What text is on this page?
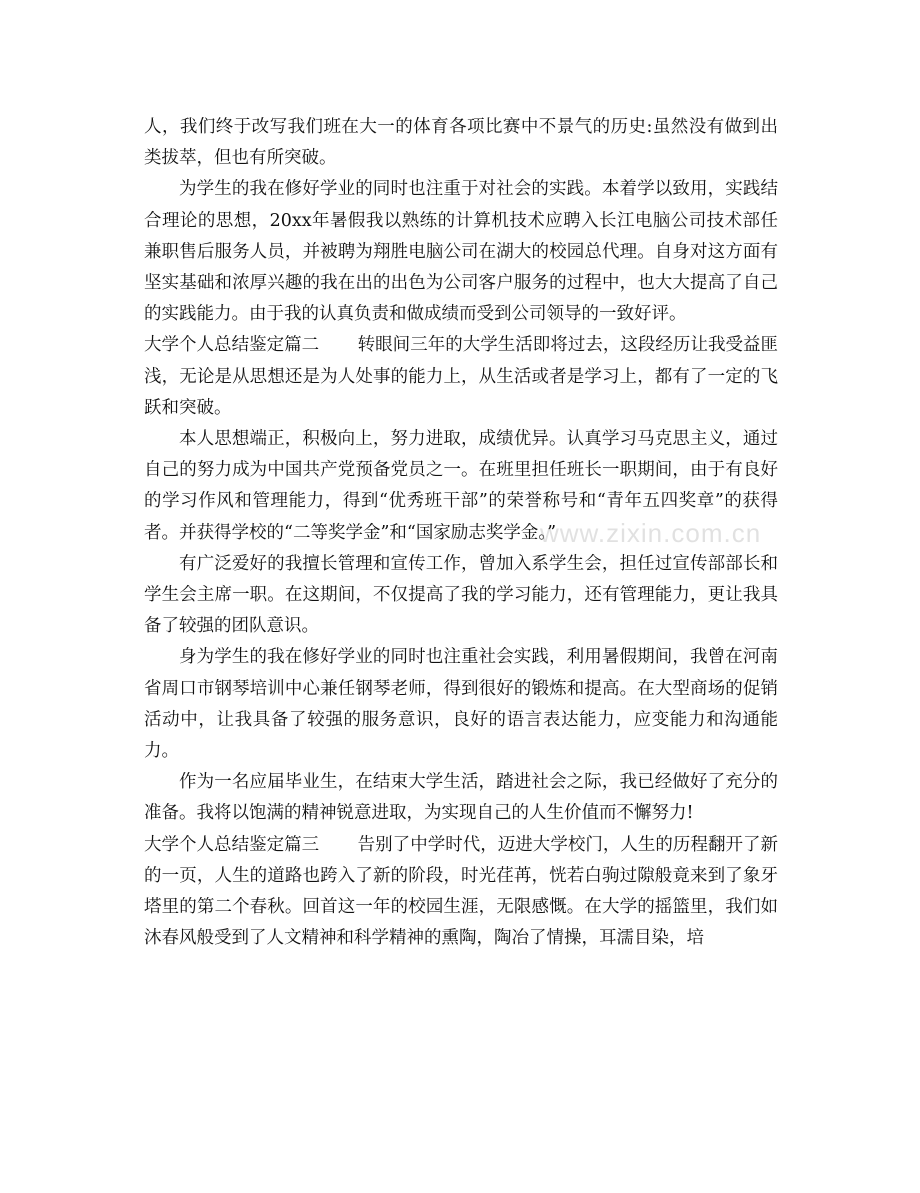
人，我们终于改写我们班在大一的体育各项比赛中不景气的历史:虽然没有做到出类拔萃，但也有所突破。

为学生的我在修好学业的同时也注重于对社会的实践。本着学以致用，实践结合理论的思想，20xx年暑假我以熟练的计算机技术应聘入长江电脑公司技术部任兼职售后服务人员，并被聘为翔胜电脑公司在湖大的校园总代理。自身对这方面有坚实基础和浓厚兴趣的我在出的出色为公司客户服务的过程中，也大大提高了自己的实践能力。由于我的认真负责和做成绩而受到公司领导的一致好评。

大学个人总结鉴定篇二 转眼间三年的大学生活即将过去，这段经历让我受益匪浅，无论是从思想还是为人处事的能力上，从生活或者是学习上，都有了一定的飞跃和突破。

本人思想端正，积极向上，努力进取，成绩优异。认真学习马克思主义，通过自己的努力成为中国共产党预备党员之一。在班里担任班长一职期间，由于有良好的学习作风和管理能力，得到“优秀班干部”的荣誉称号和“青年五四奖章”的获得者。并获得学校的“二等奖学金”和“国家励志奖学金。”

有广泛爱好的我擅长管理和宣传工作，曾加入系学生会，担任过宣传部部长和学生会主席一职。在这期间，不仅提高了我的学习能力，还有管理能力，更让我具备了较强的团队意识。

身为学生的我在修好学业的同时也注重社会实践，利用暑假期间，我曾在河南省周口市钢琴培训中心兼任钢琴老师，得到很好的锻炼和提高。在大型商场的促销活动中，让我具备了较强的服务意识，良好的语言表达能力，应变能力和沟通能力。

作为一名应届毕业生，在结束大学生活，踏进社会之际，我已经做好了充分的准备。我将以饱满的精神锐意进取，为实现自己的人生价值而不懈努力!

大学个人总结鉴定篇三 告别了中学时代，迈进大学校门，人生的历程翻开了新的一页，人生的道路也跨入了新的阶段，时光荏苒，恍若白驹过隙般竟来到了象牙塔里的第二个春秋。回首这一年的校园生涯，无限感慨。在大学的摇篮里，我们如沐春风般受到了人文精神和科学精神的熏陶，陶冶了情操，耳濡目染，培

www.zixin.com.cn
